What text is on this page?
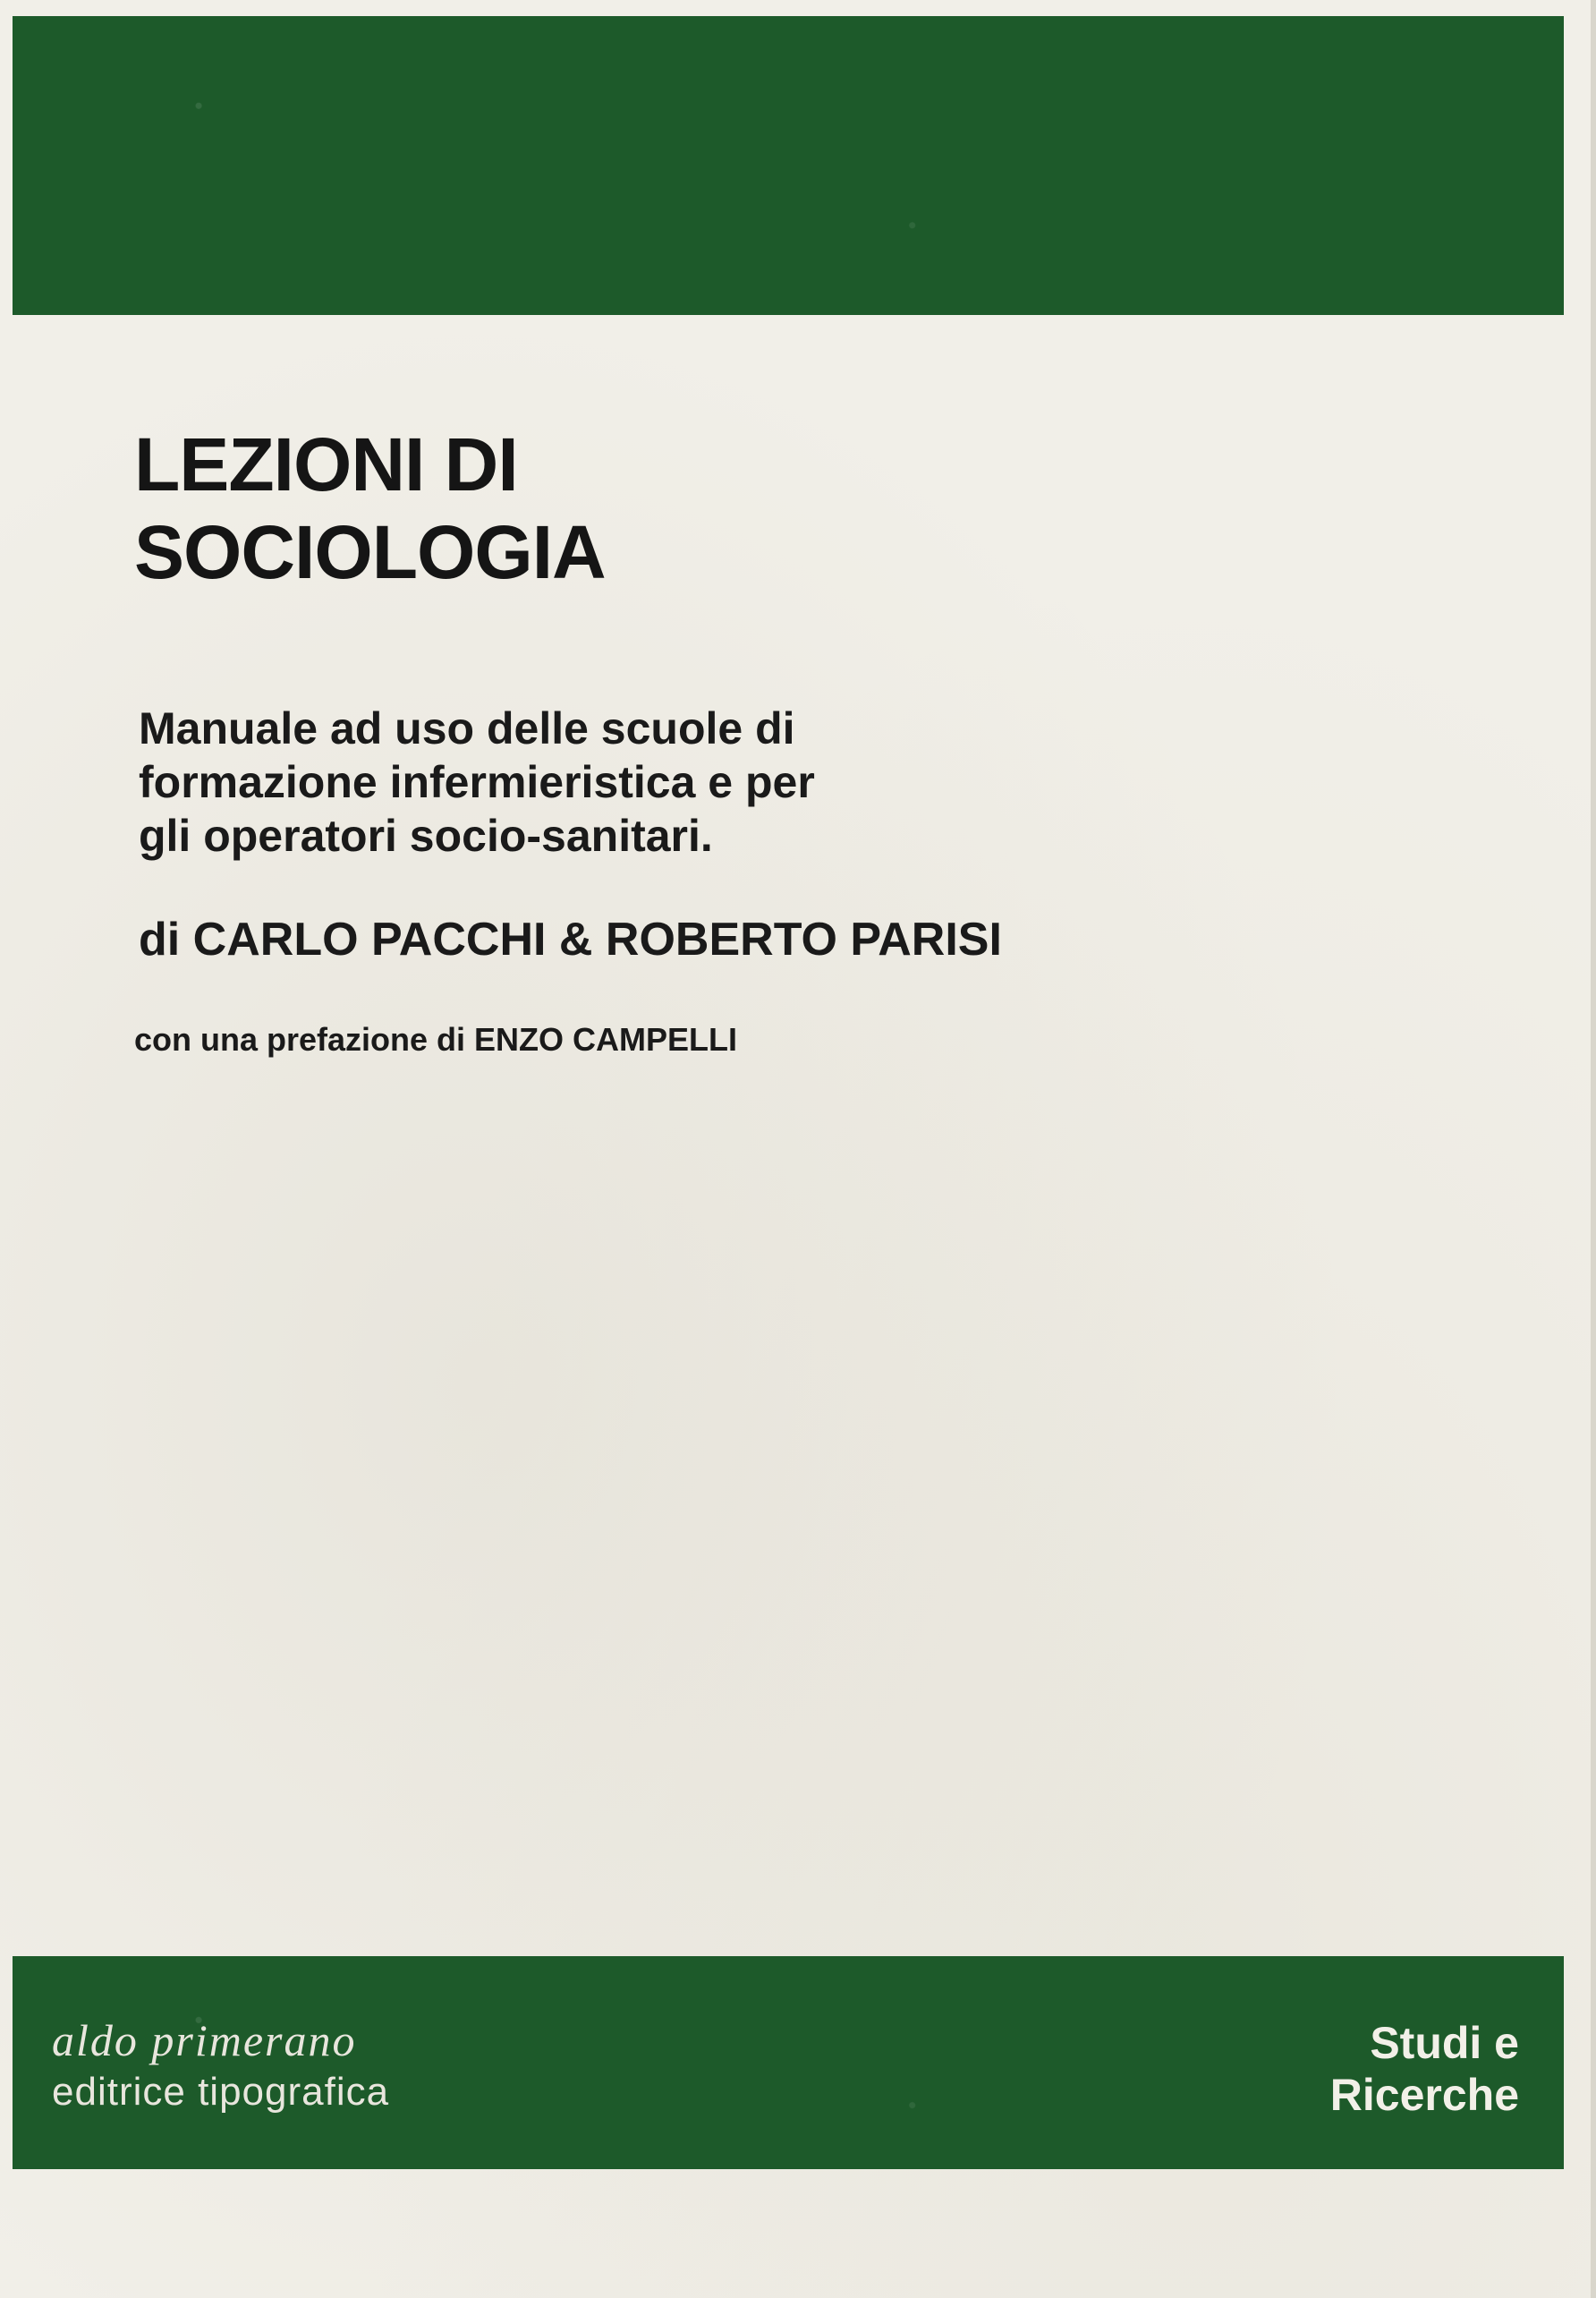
LEZIONI DI
SOCIOLOGIA
Manuale ad uso delle scuole di
formazione infermieristica e per
gli operatori socio-sanitari.
di CARLO PACCHI & ROBERTO PARISI
con una prefazione di ENZO CAMPELLI
aldo primerano
editrice tipografica
Studi e
Ricerche
